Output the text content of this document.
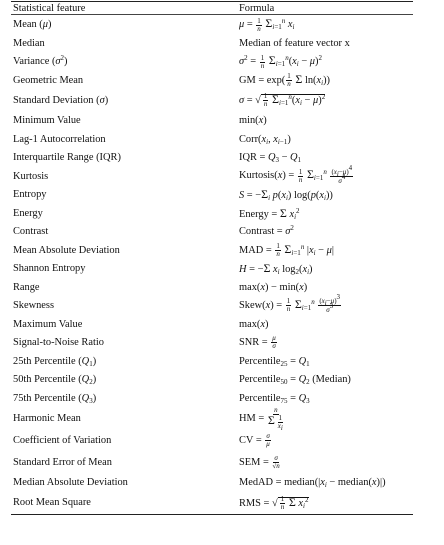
Statistical feature	Formula
Mean (μ)	$\mu = \frac{1}{n} \Sigma_{i=1}^n$ $x_i$
Median	Median of feature vector x
Variance $(\sigma^2)$	$\sigma^2 = \frac{1}{n} \Sigma_{i=1}^n(x_i - \mu)^2$
Geometric Mean	GM = $\exp( \frac{1}{n}$ Σ $\ln(x_i)$)
Standard Deviation (σ)	σ = √ $\frac{1}{n} \Sigma_{i=1}^n(x_i - \mu)^2$
Minimum Value	min(x)
Lag-1 Autocorrelation	$Corr(x_i$, $x_{i-1}$)
Interquartile Range (IQR)	IQR = $Q_3 - Q_1$
Kurtosis	Kurtosis(x) = $\frac{1}{n} \Sigma_{i=1}^n \frac{(x_i-\mu)^4}{\sigma^4}$
Entropy	$S = -\Sigma_i$ $p(x_i)$ $\log(p(x_i))$
Energy	Energy = Σ $x_i^2$
Contrast	Contrast = $\sigma^2$
Mean Absolute Deviation	MAD = $\frac{1}{n} \Sigma_{i=1}^n$ $|x_i - \mu|$
Shannon Entropy	H = −Σ $x_i$ $\log_2(x_i)$
Range	max(x) − min(x)
Skewness	Skew(x) = $\frac{1}{n} \Sigma_{i=1}^n \frac{(x_i-\mu)^3}{\sigma^3}$
Maximum Value	max(x)
Signal-to-Noise Ratio	SNR = $\frac{\mu}{\sigma}$
25th Percentile $(Q_1)$	Percentile$_{25}$ = $Q_1$
50th Percentile $(Q_2)$	Percentile$_{50}$ = $Q_2$ (Median)
75th Percentile $(Q_3)$	Percentile$_{75}$ = $Q_3$
Harmonic Mean	HM = $\frac{n}{\Sigma \frac{1}{x_i}}$
Coefficient of Variation	CV = $\frac{\sigma}{\mu}$
Standard Error of Mean	SEM = $\frac{\sigma}{√n}$
Median Absolute Deviation	MedAD = $median(|x_i$ − median(x)|)
Root Mean Square	RMS = √ $\frac{1}{n}$ Σ $x_i^2$
